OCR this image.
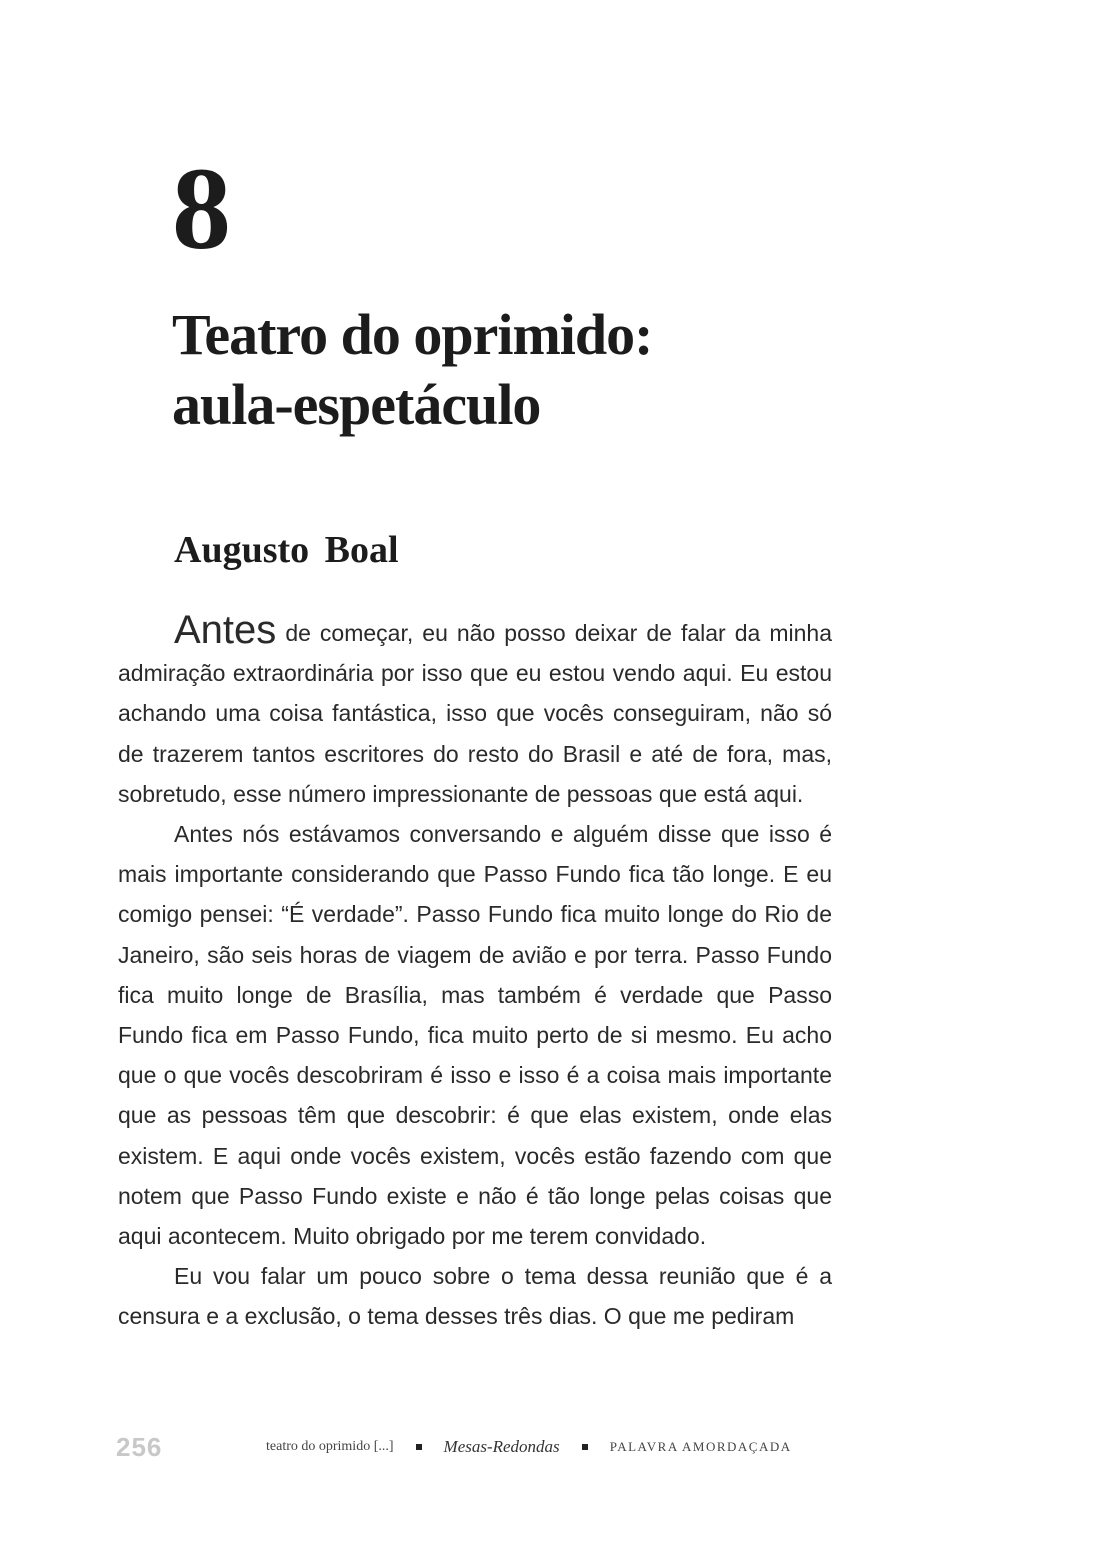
8
Teatro do oprimido:
aula-espetáculo
Augusto Boal

Antes de começar, eu não posso deixar de falar da minha admiração extraordinária por isso que eu estou vendo aqui. Eu estou achando uma coisa fantástica, isso que vocês conseguiram, não só de trazerem tantos escritores do resto do Brasil e até de fora, mas, sobretudo, esse número impressionante de pessoas que está aqui.

Antes nós estávamos conversando e alguém disse que isso é mais importante considerando que Passo Fundo fica tão longe. E eu comigo pensei: “É verdade”. Passo Fundo fica muito longe do Rio de Janeiro, são seis horas de viagem de avião e por terra. Passo Fundo fica muito longe de Brasília, mas também é verdade que Passo Fundo fica em Passo Fundo, fica muito perto de si mesmo. Eu acho que o que vocês descobriram é isso e isso é a coisa mais importante que as pessoas têm que descobrir: é que elas existem, onde elas existem. E aqui onde vocês existem, vocês estão fazendo com que notem que Passo Fundo existe e não é tão longe pelas coisas que aqui acontecem. Muito obrigado por me terem convidado.

Eu vou falar um pouco sobre o tema dessa reunião que é a censura e a exclusão, o tema desses três dias. O que me pediram

256	teatro do oprimido [...]	Mesas-Redondas	PALAVRA AMORDAÇADA
